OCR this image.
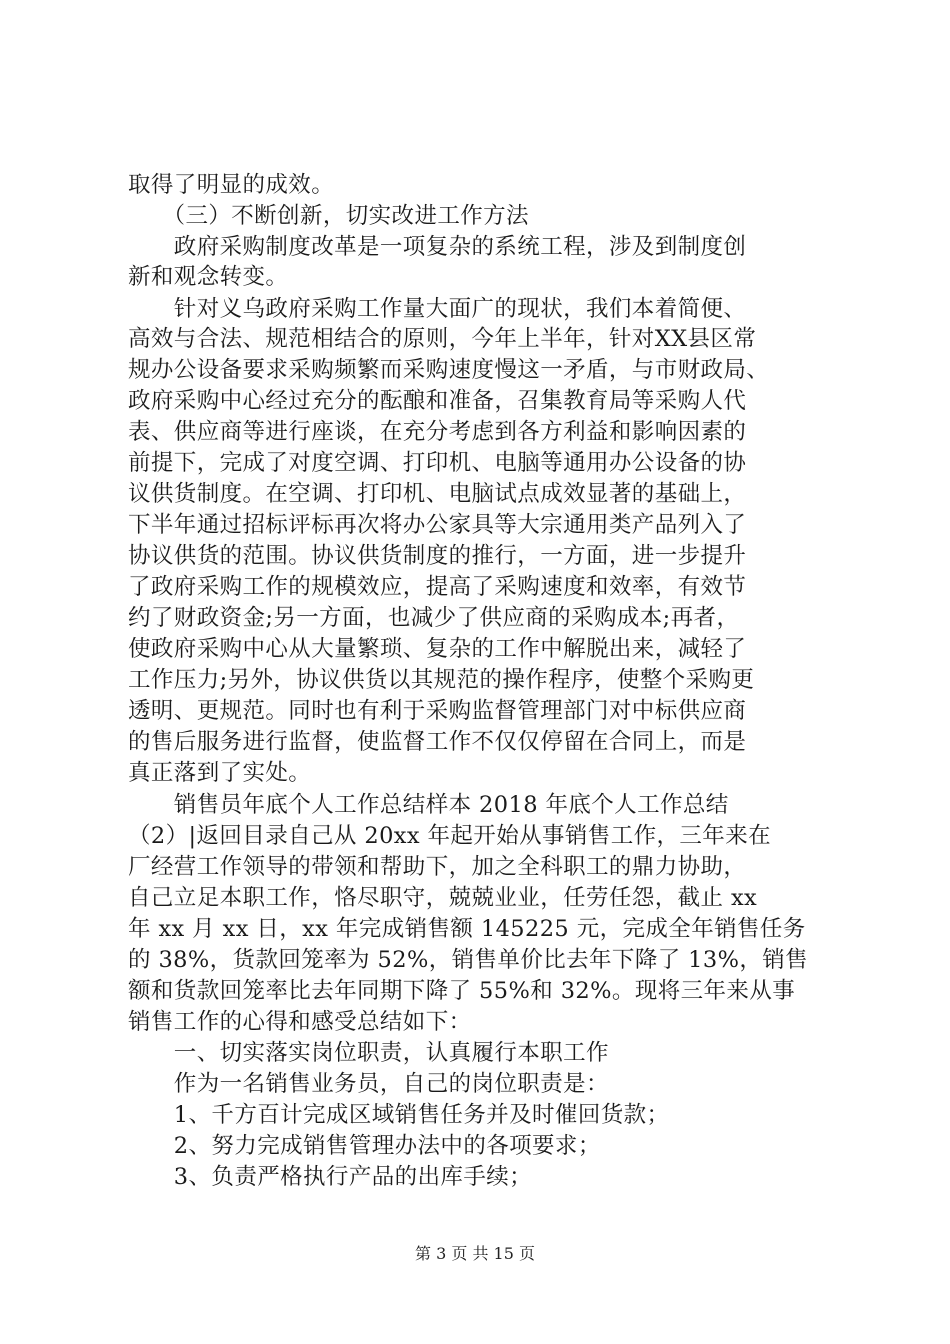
取得了明显的成效。
　　（三）不断创新，切实改进工作方法
　　政府采购制度改革是一项复杂的系统工程，涉及到制度创
新和观念转变。
　　针对义乌政府采购工作量大面广的现状，我们本着简便、
高效与合法、规范相结合的原则，今年上半年，针对XX县区常
规办公设备要求采购频繁而采购速度慢这一矛盾，与市财政局、
政府采购中心经过充分的酝酿和准备，召集教育局等采购人代
表、供应商等进行座谈，在充分考虑到各方利益和影响因素的
前提下，完成了对度空调、打印机、电脑等通用办公设备的协
议供货制度。在空调、打印机、电脑试点成效显著的基础上，
下半年通过招标评标再次将办公家具等大宗通用类产品列入了
协议供货的范围。协议供货制度的推行，一方面，进一步提升
了政府采购工作的规模效应，提高了采购速度和效率，有效节
约了财政资金;另一方面，也减少了供应商的采购成本;再者，
使政府采购中心从大量繁琐、复杂的工作中解脱出来，减轻了
工作压力;另外，协议供货以其规范的操作程序，使整个采购更
透明、更规范。同时也有利于采购监督管理部门对中标供应商
的售后服务进行监督，使监督工作不仅仅停留在合同上，而是
真正落到了实处。
　　销售员年底个人工作总结样本 2018 年底个人工作总结
（2）|返回目录自己从 20xx 年起开始从事销售工作，三年来在
厂经营工作领导的带领和帮助下，加之全科职工的鼎力协助，
自己立足本职工作，恪尽职守，兢兢业业，任劳任怨，截止 xx
年 xx 月 xx 日，xx 年完成销售额 145225 元，完成全年销售任务
的 38%，货款回笼率为 52%，销售单价比去年下降了 13%，销售
额和货款回笼率比去年同期下降了 55%和 32%。现将三年来从事
销售工作的心得和感受总结如下：
　　一、切实落实岗位职责，认真履行本职工作
　　作为一名销售业务员，自己的岗位职责是：
　　1、千方百计完成区域销售任务并及时催回货款；
　　2、努力完成销售管理办法中的各项要求；
　　3、负责严格执行产品的出库手续；
第 3 页 共 15 页
